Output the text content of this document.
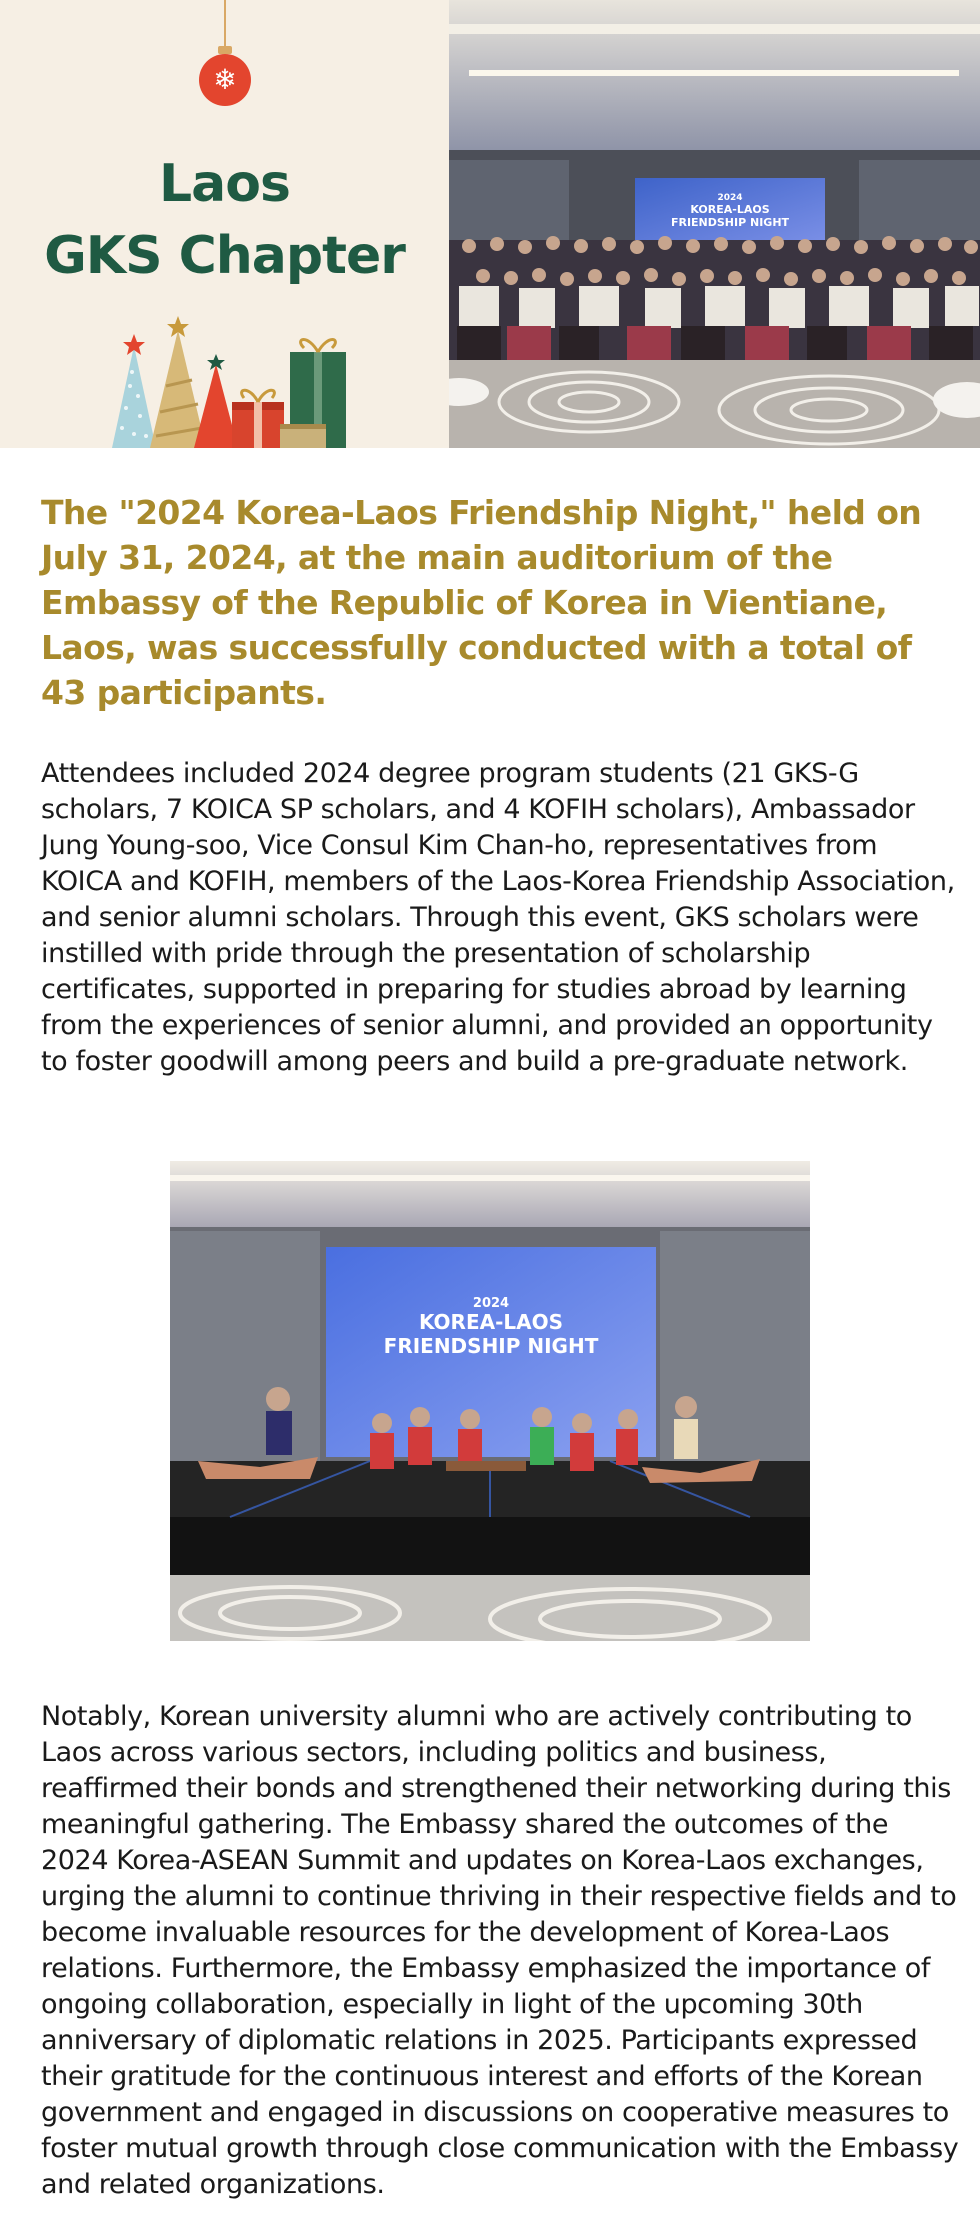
❄
Laos
GKS Chapter
2024
KOREA-LAOS
FRIENDSHIP NIGHT

The "2024 Korea-Laos Friendship Night," held on July 31, 2024, at the main auditorium of the Embassy of the Republic of Korea in Vientiane, Laos, was successfully conducted with a total of 43 participants.

Attendees included 2024 degree program students (21 GKS-G scholars, 7 KOICA SP scholars, and 4 KOFIH scholars), Ambassador Jung Young-soo, Vice Consul Kim Chan-ho, representatives from KOICA and KOFIH, members of the Laos-Korea Friendship Association, and senior alumni scholars. Through this event, GKS scholars were instilled with pride through the presentation of scholarship certificates, supported in preparing for studies abroad by learning from the experiences of senior alumni, and provided an opportunity to foster goodwill among peers and build a pre-graduate network.

2024
KOREA-LAOS
FRIENDSHIP NIGHT

Notably, Korean university alumni who are actively contributing to Laos across various sectors, including politics and business, reaffirmed their bonds and strengthened their networking during this meaningful gathering. The Embassy shared the outcomes of the 2024 Korea-ASEAN Summit and updates on Korea-Laos exchanges, urging the alumni to continue thriving in their respective fields and to become invaluable resources for the development of Korea-Laos relations. Furthermore, the Embassy emphasized the importance of ongoing collaboration, especially in light of the upcoming 30th anniversary of diplomatic relations in 2025. Participants expressed their gratitude for the continuous interest and efforts of the Korean government and engaged in discussions on cooperative measures to foster mutual growth through close communication with the Embassy and related organizations.
